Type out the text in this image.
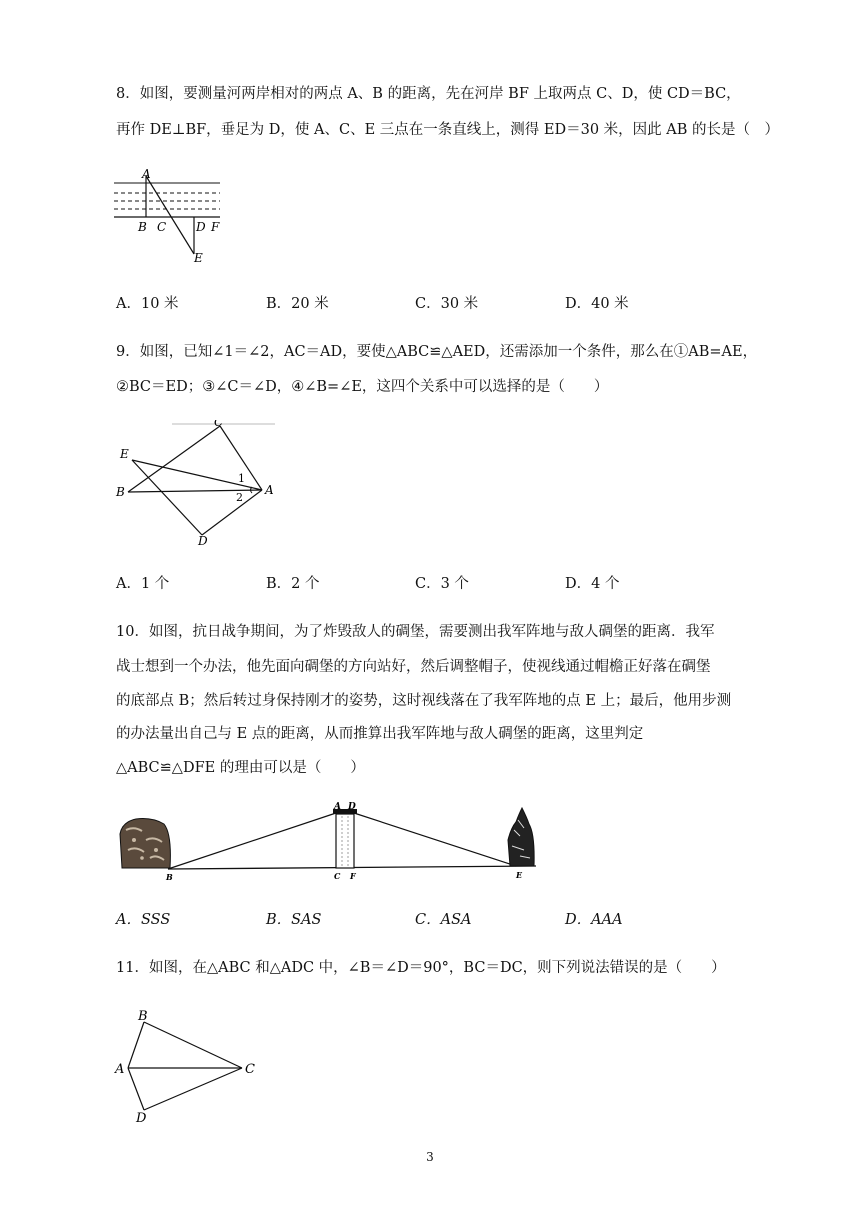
8．如图，要测量河两岸相对的两点 A、B 的距离，先在河岸 BF 上取两点 C、D，使 CD＝BC，
再作 DE⊥BF，垂足为 D，使 A、C、E 三点在一条直线上，测得 ED＝30 米，因此 AB 的长是（　）
A
B C D F
E
A．10 米	B．20 米	C．30 米	D．40 米
9．如图，已知∠1＝∠2，AC＝AD，要使△ABC≌△AED，还需添加一个条件，那么在①AB=AE，
②BC＝ED；③∠C＝∠D，④∠B=∠E，这四个关系中可以选择的是（　　）
C
E
B	A
D
1
2
A．1 个	B．2 个	C．3 个	D．4 个
10．如图，抗日战争期间，为了炸毁敌人的碉堡，需要测出我军阵地与敌人碉堡的距离．我军
战士想到一个办法，他先面向碉堡的方向站好，然后调整帽子，使视线通过帽檐正好落在碉堡
的底部点 B；然后转过身保持刚才的姿势，这时视线落在了我军阵地的点 E 上；最后，他用步测
的办法量出自己与 E 点的距离，从而推算出我军阵地与敌人碉堡的距离，这里判定
△ABC≌△DFE 的理由可以是（　　）
A D
B	C F	E
A．SSS	B．SAS	C．ASA	D．AAA
11．如图，在△ABC 和△ADC 中，∠B＝∠D＝90°，BC＝DC，则下列说法错误的是（　　）
B
A	C
D
3
